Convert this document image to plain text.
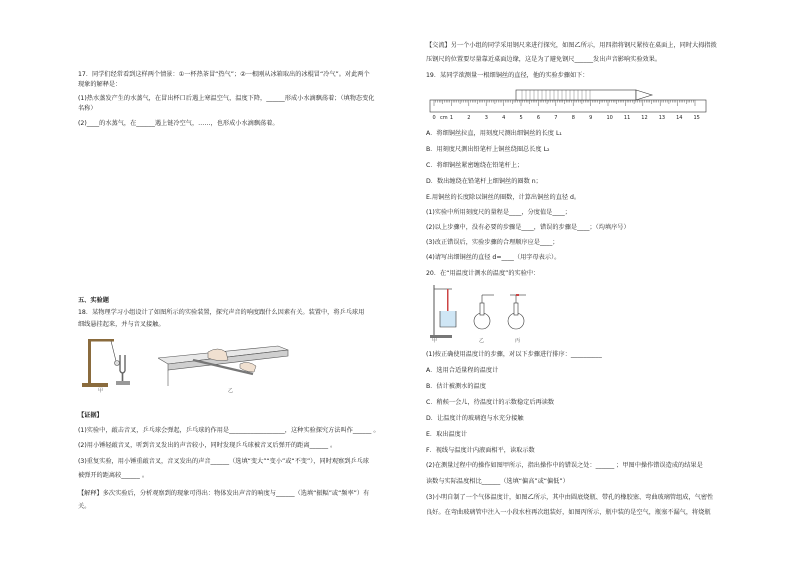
17．同学们经常看到这样两个情景：①一杯热茶冒“热气”；②一根刚从冰箱取出的冰棍冒“冷气”。对此两个
现象的解释是：
(1)热水蒸发产生的水蒸气，在冒出杯口后遇上寒温空气，温度下降，______形成小水滴飘荡着；（填物态变化
名称）
(2)____的水蒸气，在______遇上链冷空气，……，也形成小水滴飘荡着。
五、实验题
18．某物理学习小组设计了如图所示的实验装置，探究声音的响度跟什么因素有关。装置中，将乒乓球用
细线悬挂起来，并与音叉接触。
甲	乙
【证据】
(1)实验中，敲击音叉，乒乓球会弹起，乒乓球的作用是__________________，这种实验探究方法叫作______ 。
(2)用小锤轻敲音叉，听到音叉发出的声音较小，同时发现乒乓球被音叉后弹开的距离______ 。
(3)重复实验，用小锤重敲音叉，音叉发出的声音______（选填“变大”“变小”或“不变”），同时观察到乒乓球
被弹开的距离较______ 。
【解释】多次实验后，分析观察到的现象可得出：物体发出声音的响度与______（选填“振幅”或“频率”）有
关。
【交流】另一个小组的同学采用钢尺来进行探究，如图乙所示，用四指将钢尺紧按在桌面上，同时大拇指拨
压钢尺的位置要尽量靠近桌面边缘，这是为了避免钢尺______发出声音影响实验效果。
19．某同学欲测量一根细铜丝的直径，他的实验步骤如下：
0	1	2	3	4	5	6	7	8	9	10 11 12 13 14 15
cm
A．将细铜丝拉直，用刻度尺测出细铜丝的长度 L₁
B．用刻度尺测出铅笔杆上铜丝绕圈总长度 L₂
C．将细铜丝紧密缠绕在铅笔杆上；
D．数出缠绕在铅笔杆上细铜丝的圈数 n；
E.用铜丝的长度除以铜丝的圈数，计算出铜丝的直径 d。
(1)实验中所用刻度尺的量程是____，分度值是____；
(2)以上步骤中，没有必要的步骤是____，错误的步骤是____；（均填序号）
(3)改正错误后，实验步骤的合理顺序应是____；
(4)请写出细铜丝的直径 d=____（用字母表示）。
20．在“用温度计测水的温度”的实验中：
甲	乙	丙
(1)按正确使用温度计的步骤，对以下步骤进行排序：__________
A．选用合适量程的温度计
B．估计被测水的温度
C．稍候一会儿，待温度计的示数稳定后再读数
D．让温度计的玻璃泡与水充分接触
E．取出温度计
F．视线与温度计内液面相平，读取示数
(2)在测量过程中的操作如图甲所示，指出操作中的错误之处：______ ；甲图中操作错误造成的结果是
读数与实际温度相比______（选填“偏高”或“偏低”）
(3)小明自制了一个气体温度计，如图乙所示，其中由圆底烧瓶、带孔的橡胶塞、弯曲玻璃管组成，气密性
良好。在弯曲玻璃管中注入一小段水柱再次组装好，如图丙所示，瓶中装的是空气，瓶塞不漏气，将烧瓶
